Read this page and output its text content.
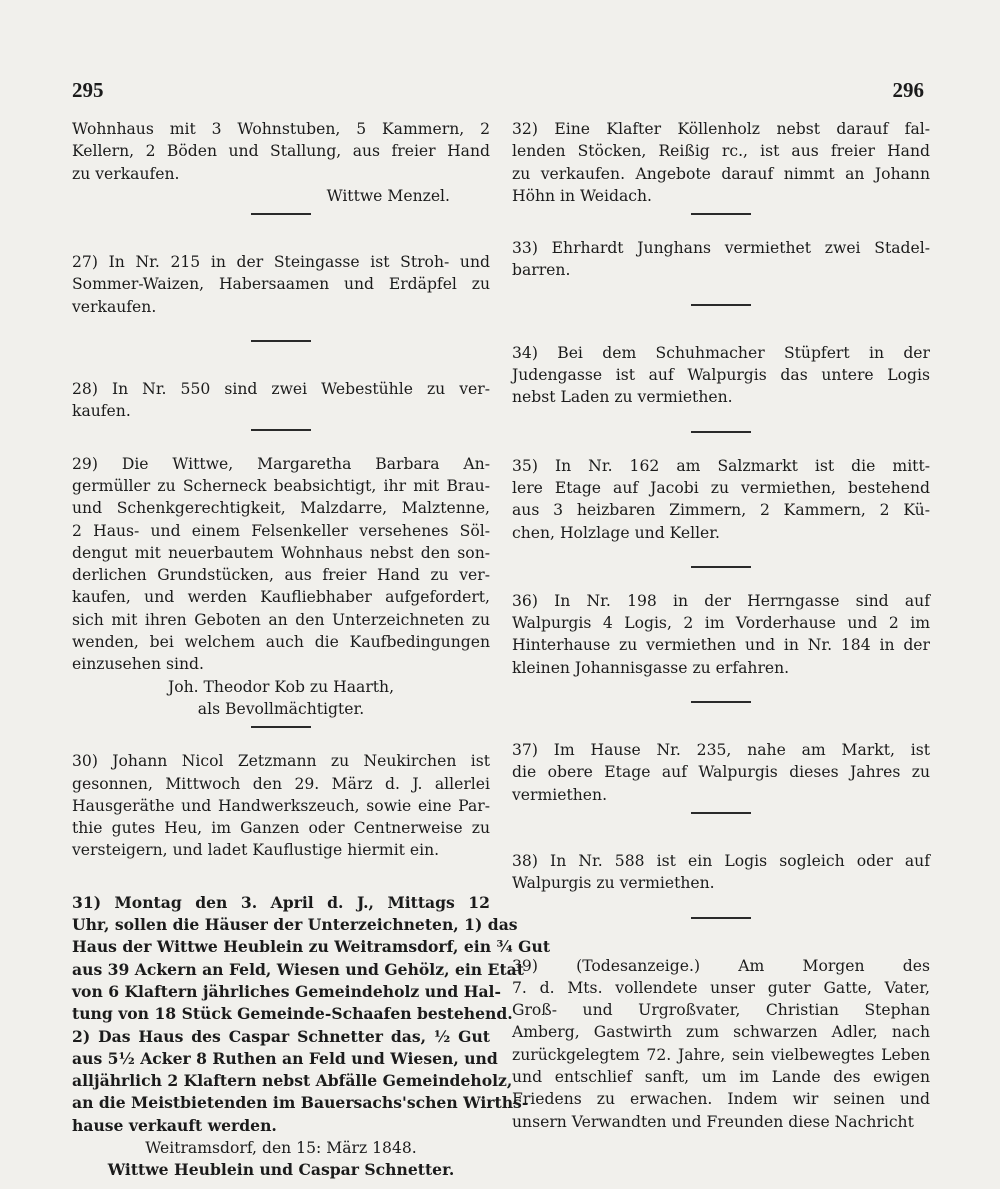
295	296
Wohnhaus mit 3 Wohnstuben, 5 Kammern, 2
Kellern, 2 Böden und Stallung, aus freier Hand
zu verkaufen.
Wittwe Menzel.
27) In Nr. 215 in der Steingasse ist Stroh- und
Sommer-Waizen, Habersaamen und Erdäpfel zu
verkaufen.
28) In Nr. 550 sind zwei Webestühle zu ver-
kaufen.
29) Die Wittwe, Margaretha Barbara An-
germüller zu Scherneck beabsichtigt, ihr mit Brau-
und Schenkgerechtigkeit, Malzdarre, Malztenne,
2 Haus- und einem Felsenkeller versehenes Söl-
dengut mit neuerbautem Wohnhaus nebst den son-
derlichen Grundstücken, aus freier Hand zu ver-
kaufen, und werden Kaufliebhaber aufgefordert,
sich mit ihren Geboten an den Unterzeichneten zu
wenden, bei welchem auch die Kaufbedingungen
einzusehen sind.
Joh. Theodor Kob zu Haarth,
als Bevollmächtigter.
30) Johann Nicol Zetzmann zu Neukirchen ist
gesonnen, Mittwoch den 29. März d. J. allerlei
Hausgeräthe und Handwerkszeuch, sowie eine Par-
thie gutes Heu, im Ganzen oder Centnerweise zu
versteigern, und ladet Kauflustige hiermit ein.
31) Montag den 3. April d. J., Mittags 12
Uhr, sollen die Häuser der Unterzeichneten, 1) das
Haus der Wittwe Heublein zu Weitramsdorf, ein ¾ Gut
aus 39 Ackern an Feld, Wiesen und Gehölz, ein Etat
von 6 Klaftern jährliches Gemeindeholz und Hal-
tung von 18 Stück Gemeinde-Schaafen bestehend.
2) Das Haus des Caspar Schnetter das, ½ Gut
aus 5½ Acker 8 Ruthen an Feld und Wiesen, und
alljährlich 2 Klaftern nebst Abfälle Gemeindeholz,
an die Meistbietenden im Bauersachs'schen Wirths-
hause verkauft werden.
Weitramsdorf, den 15: März 1848.
Wittwe Heublein und Caspar Schnetter.
32) Eine Klafter Köllenholz nebst darauf fal-
lenden Stöcken, Reißig rc., ist aus freier Hand
zu verkaufen. Angebote darauf nimmt an Johann
Höhn in Weidach.
33) Ehrhardt Junghans vermiethet zwei Stadel-
barren.
34) Bei dem Schuhmacher Stüpfert in der
Judengasse ist auf Walpurgis das untere Logis
nebst Laden zu vermiethen.
35) In Nr. 162 am Salzmarkt ist die mitt-
lere Etage auf Jacobi zu vermiethen, bestehend
aus 3 heizbaren Zimmern, 2 Kammern, 2 Kü-
chen, Holzlage und Keller.
36) In Nr. 198 in der Herrngasse sind auf
Walpurgis 4 Logis, 2 im Vorderhause und 2 im
Hinterhause zu vermiethen und in Nr. 184 in der
kleinen Johannisgasse zu erfahren.
37) Im Hause Nr. 235, nahe am Markt, ist
die obere Etage auf Walpurgis dieses Jahres zu
vermiethen.
38) In Nr. 588 ist ein Logis sogleich oder auf
Walpurgis zu vermiethen.
39) (Todesanzeige.) Am Morgen des
7. d. Mts. vollendete unser guter Gatte, Vater,
Groß- und Urgroßvater, Christian Stephan
Amberg, Gastwirth zum schwarzen Adler, nach
zurückgelegtem 72. Jahre, sein vielbewegtes Leben
und entschlief sanft, um im Lande des ewigen
Friedens zu erwachen. Indem wir seinen und
unsern Verwandten und Freunden diese Nachricht
